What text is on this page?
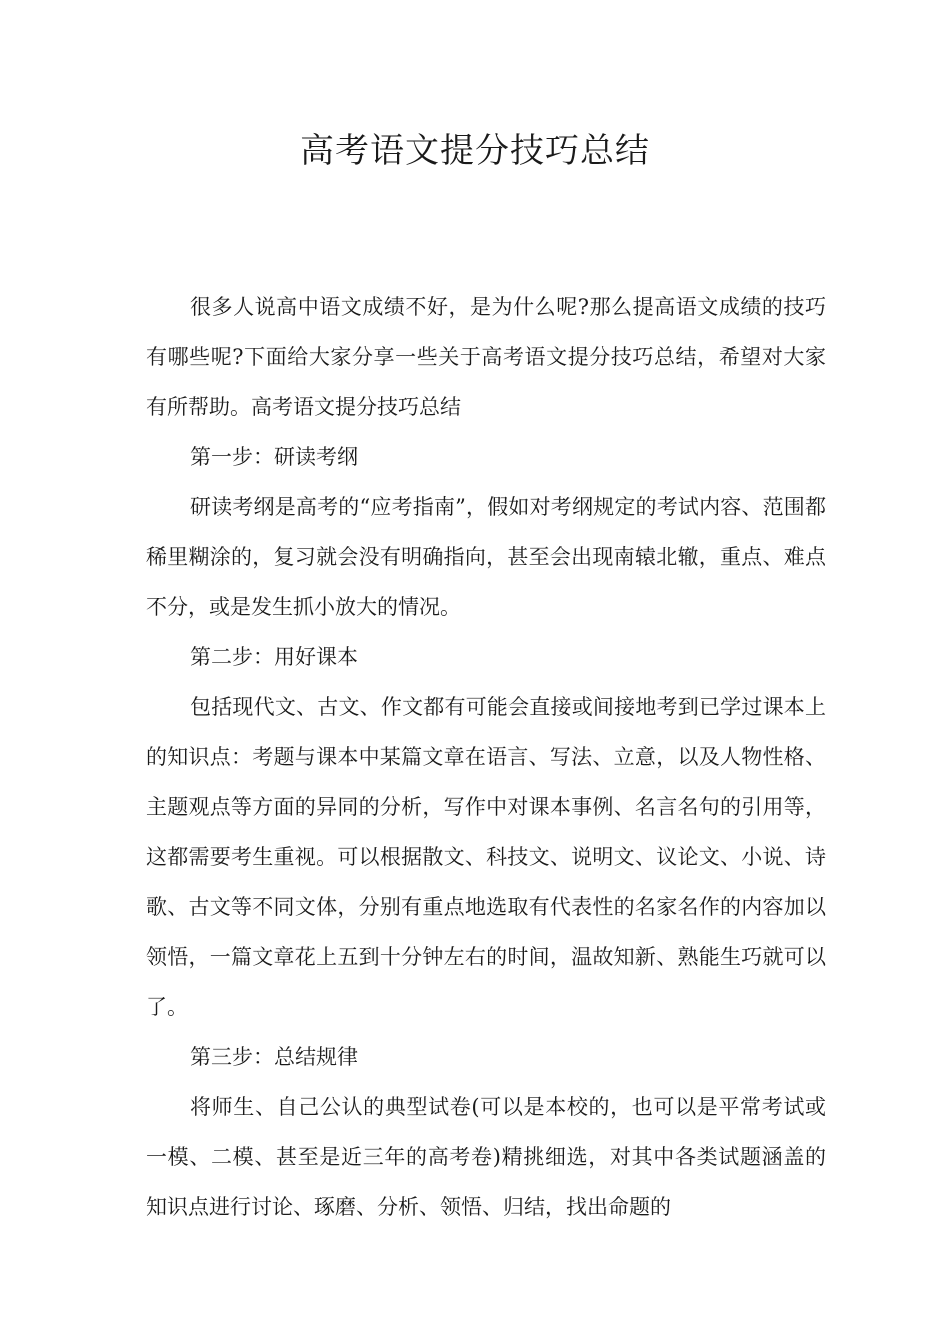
高考语文提分技巧总结

很多人说高中语文成绩不好，是为什么呢?那么提高语文成绩的技巧有哪些呢?下面给大家分享一些关于高考语文提分技巧总结，希望对大家有所帮助。高考语文提分技巧总结

第一步：研读考纲

研读考纲是高考的“应考指南”，假如对考纲规定的考试内容、范围都稀里糊涂的，复习就会没有明确指向，甚至会出现南辕北辙，重点、难点不分，或是发生抓小放大的情况。

第二步：用好课本

包括现代文、古文、作文都有可能会直接或间接地考到已学过课本上的知识点：考题与课本中某篇文章在语言、写法、立意，以及人物性格、主题观点等方面的异同的分析，写作中对课本事例、名言名句的引用等，这都需要考生重视。可以根据散文、科技文、说明文、议论文、小说、诗歌、古文等不同文体，分别有重点地选取有代表性的名家名作的内容加以领悟，一篇文章花上五到十分钟左右的时间，温故知新、熟能生巧就可以了。

第三步：总结规律

将师生、自己公认的典型试卷(可以是本校的，也可以是平常考试或一模、二模、甚至是近三年的高考卷)精挑细选，对其中各类试题涵盖的知识点进行讨论、琢磨、分析、领悟、归结，找出命题的
